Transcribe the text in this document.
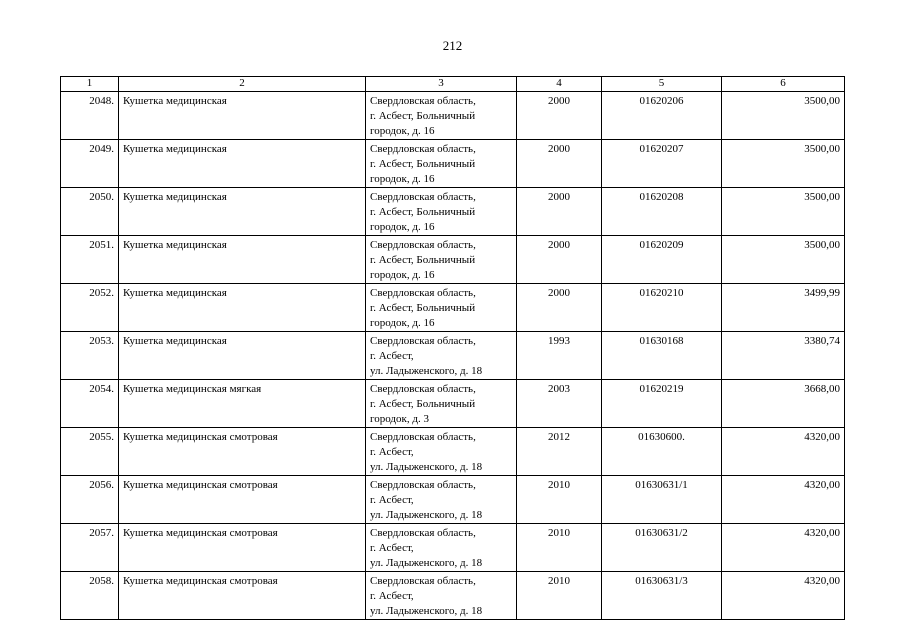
212
1	2	3	4	5	6
2048.	Кушетка медицинская	Свердловская область,
г. Асбест, Больничный
городок, д. 16	2000	01620206	3500,00
2049.	Кушетка медицинская	Свердловская область,
г. Асбест, Больничный
городок, д. 16	2000	01620207	3500,00
2050.	Кушетка медицинская	Свердловская область,
г. Асбест, Больничный
городок, д. 16	2000	01620208	3500,00
2051.	Кушетка медицинская	Свердловская область,
г. Асбест, Больничный
городок, д. 16	2000	01620209	3500,00
2052.	Кушетка медицинская	Свердловская область,
г. Асбест, Больничный
городок, д. 16	2000	01620210	3499,99
2053.	Кушетка медицинская	Свердловская область,
г. Асбест,
ул. Ладыженского, д. 18	1993	01630168	3380,74
2054.	Кушетка медицинская мягкая	Свердловская область,
г. Асбест, Больничный
городок, д. 3	2003	01620219	3668,00
2055.	Кушетка медицинская смотровая	Свердловская область,
г. Асбест,
ул. Ладыженского, д. 18	2012	01630600.	4320,00
2056.	Кушетка медицинская смотровая	Свердловская область,
г. Асбест,
ул. Ладыженского, д. 18	2010	01630631/1	4320,00
2057.	Кушетка медицинская смотровая	Свердловская область,
г. Асбест,
ул. Ладыженского, д. 18	2010	01630631/2	4320,00
2058.	Кушетка медицинская смотровая	Свердловская область,
г. Асбест,
ул. Ладыженского, д. 18	2010	01630631/3	4320,00
